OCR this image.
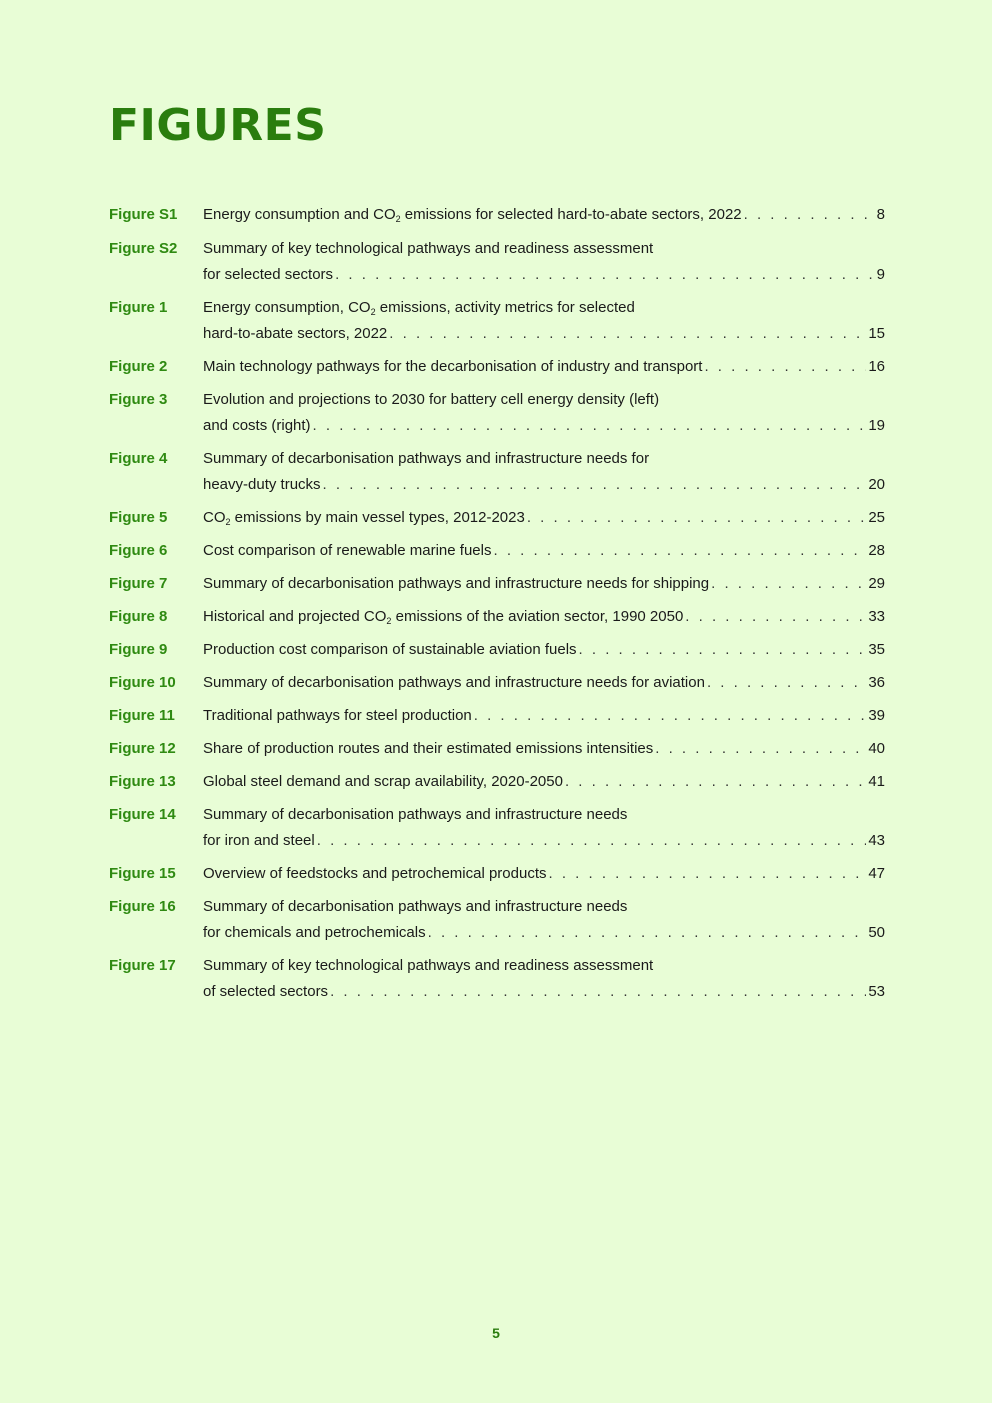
FIGURES
Figure S1	Energy consumption and $CO_2$ emissions for selected hard-to-abate sectors, 2022 . . .	8
Figure S2	Summary of key technological pathways and readiness assessment
for selected sectors . . .	9
Figure 1	Energy consumption, $CO_2$ emissions, activity metrics for selected
hard-to-abate sectors, 2022 . . .	15
Figure 2	Main technology pathways for the decarbonisation of industry and transport . . .	16
Figure 3	Evolution and projections to 2030 for battery cell energy density (left)
and costs (right) . . .	19
Figure 4	Summary of decarbonisation pathways and infrastructure needs for
heavy-duty trucks . . .	20
Figure 5	$CO_2$ emissions by main vessel types, 2012-2023 . . .	25
Figure 6	Cost comparison of renewable marine fuels . . .	28
Figure 7	Summary of decarbonisation pathways and infrastructure needs for shipping . . .	29
Figure 8	Historical and projected $CO_2$ emissions of the aviation sector, 1990 2050 . . .	33
Figure 9	Production cost comparison of sustainable aviation fuels . . .	35
Figure 10	Summary of decarbonisation pathways and infrastructure needs for aviation . . .	36
Figure 11	Traditional pathways for steel production . . .	39
Figure 12	Share of production routes and their estimated emissions intensities . . .	40
Figure 13	Global steel demand and scrap availability, 2020-2050 . . .	41
Figure 14	Summary of decarbonisation pathways and infrastructure needs
for iron and steel . . .	43
Figure 15	Overview of feedstocks and petrochemical products . . .	47
Figure 16	Summary of decarbonisation pathways and infrastructure needs
for chemicals and petrochemicals . . .	50
Figure 17	Summary of key technological pathways and readiness assessment
of selected sectors . . .	53
5
